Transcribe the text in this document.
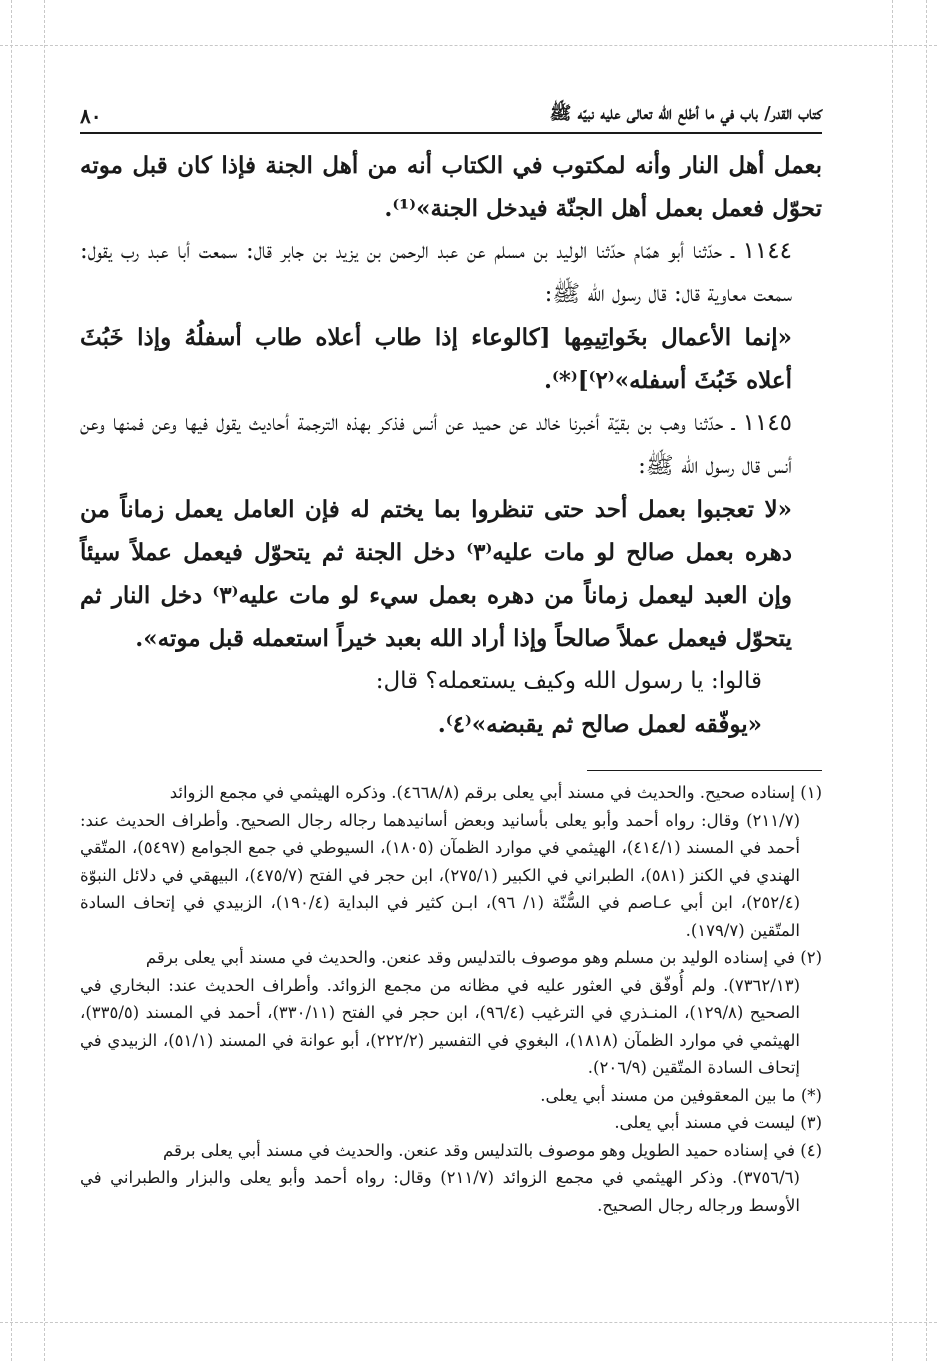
كتاب القدر/ باب في ما أطلع الله تعالى عليه نبيّه ﷺ
٨٠

بعمل أهل النار وأنه لمكتوب في الكتاب أنه من أهل الجنة فإذا كان قبل موته تحوّل فعمل بعمل أهل الجنّة فيدخل الجنة»⁽¹⁾.

١١٤٤ ـ حدّثنا أبو همّام حدّثنا الوليد بن مسلم عن عبد الرحمن بن يزيد بن جابر قال: سمعت أبا عبد رب يقول: سمعت معاوية قال: قال رسول الله ﷺ:

«إنما الأعمال بخَواتِيمِها [كالوعاء إذا طاب أعلاه طاب أسفلُهُ وإذا خَبُثَ أعلاه خَبُثَ أسفله»⁽٢⁾]⁽*⁾.

١١٤٥ ـ حدّثنا وهب بن بقيّة أخبرنا خالد عن حميد عن أنس فذكر بهذه الترجمة أحاديث يقول فيها وعن فمنها وعن أنس قال رسول الله ﷺ:

«لا تعجبوا بعمل أحد حتى تنظروا بما يختم له فإن العامل يعمل زماناً من دهره بعمل صالح لو مات عليه⁽٣⁾ دخل الجنة ثم يتحوّل فيعمل عملاً سيئاً وإن العبد ليعمل زماناً من دهره بعمل سيء لو مات عليه⁽٣⁾ دخل النار ثم يتحوّل فيعمل عملاً صالحاً وإذا أراد الله بعبد خيراً استعمله قبل موته».

قالوا: يا رسول الله وكيف يستعمله؟ قال:

«يوفّقه لعمل صالح ثم يقبضه»⁽٤⁾.

(١) إسناده صحيح. والحديث في مسند أبي يعلى برقم (٤٦٦٨/٨). وذكره الهيثمي في مجمع الزوائد

(٢١١/٧) وقال: رواه أحمد وأبو يعلى بأسانيد وبعض أسانيدهما رجاله رجال الصحيح. وأطراف الحديث عند: أحمد في المسند (٤١٤/١)، الهيثمي في موارد الظمآن (١٨٠٥)، السيوطي في جمع الجوامع (٥٤٩٧)، المتّقي الهندي في الكنز (٥٨١)، الطبراني في الكبير (٢٧٥/١)، ابن حجر في الفتح (٤٧٥/٧)، البيهقي في دلائل النبوّة (٢٥٢/٤)، ابن أبي عـاصم في السُّنّة (١/ ٩٦)، ابـن كثير في البداية (١٩٠/٤)، الزبيدي في إتحاف السادة المتّقين (١٧٩/٧).

(٢) في إسناده الوليد بن مسلم وهو موصوف بالتدليس وقد عنعن. والحديث في مسند أبي يعلى برقم

(٧٣٦٢/١٣). ولم أُوفّق في العثور عليه في مظانه من مجمع الزوائد. وأطراف الحديث عند: البخاري في الصحيح (١٢٩/٨)، المنـذري في الترغيب (٩٦/٤)، ابن حجر في الفتح (٣٣٠/١١)، أحمد في المسند (٣٣٥/٥)، الهيثمي في موارد الظمآن (١٨١٨)، البغوي في التفسير (٢٢٢/٢)، أبو عوانة في المسند (٥١/١)، الزبيدي في إتحاف السادة المتّقين (٢٠٦/٩).

(*) ما بين المعقوفين من مسند أبي يعلى.

(٣) ليست في مسند أبي يعلى.

(٤) في إسناده حميد الطويل وهو موصوف بالتدليس وقد عنعن. والحديث في مسند أبي يعلى برقم

(٣٧٥٦/٦). وذكر الهيثمي في مجمع الزوائد (٢١١/٧) وقال: رواه أحمد وأبو يعلى والبزار والطبراني في الأوسط ورجاله رجال الصحيح.
